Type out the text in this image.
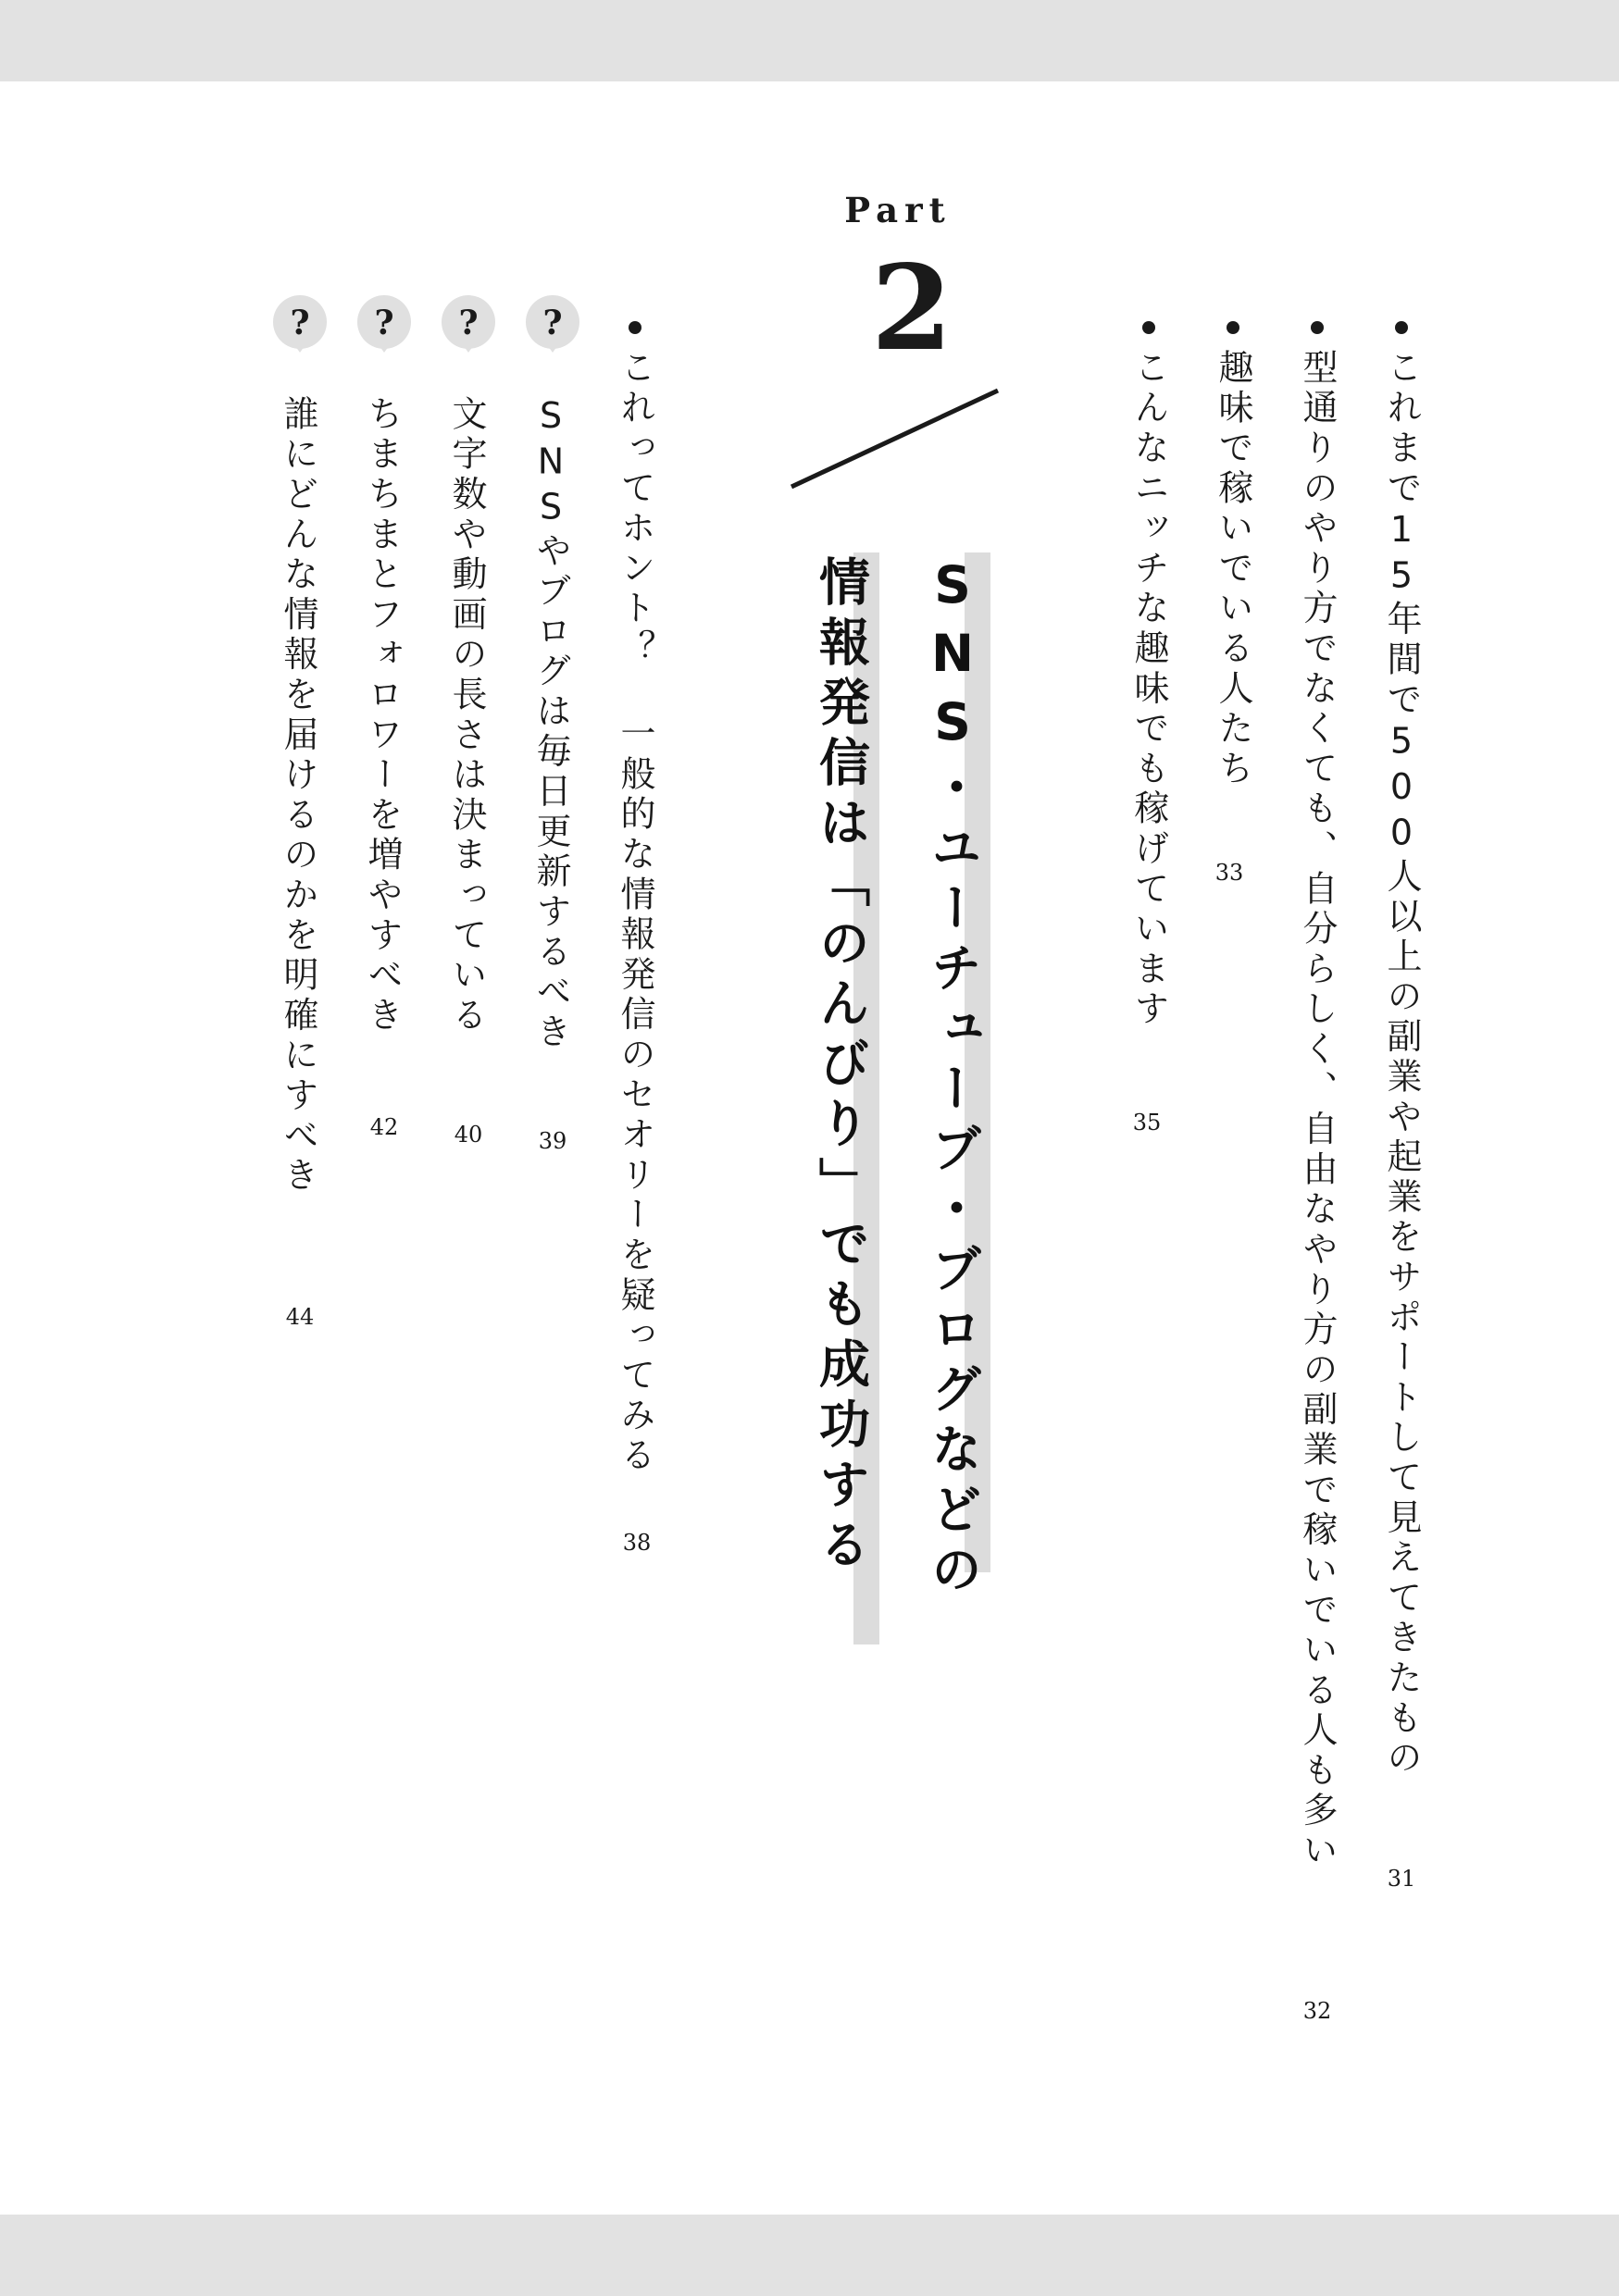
Part
2
SNS・ユーチューブ・ブログなどの
情報発信は「のんびり」でも成功する	これまで15年間で500人以上の副業や起業をサポートして見えてきたもの
31
型通りのやり方でなくても、自分らしく、自由なやり方の副業で稼いでいる人も多い
32
趣味で稼いでいる人たち
33
こんなニッチな趣味でも稼げています
35
これってホント？ 一般的な情報発信のセオリーを疑ってみる
38
?
SNSやブログは毎日更新するべき
39
?
文字数や動画の長さは決まっている
40
?
ちまちまとフォロワーを増やすべき
42
?
誰にどんな情報を届けるのかを明確にすべき
44
